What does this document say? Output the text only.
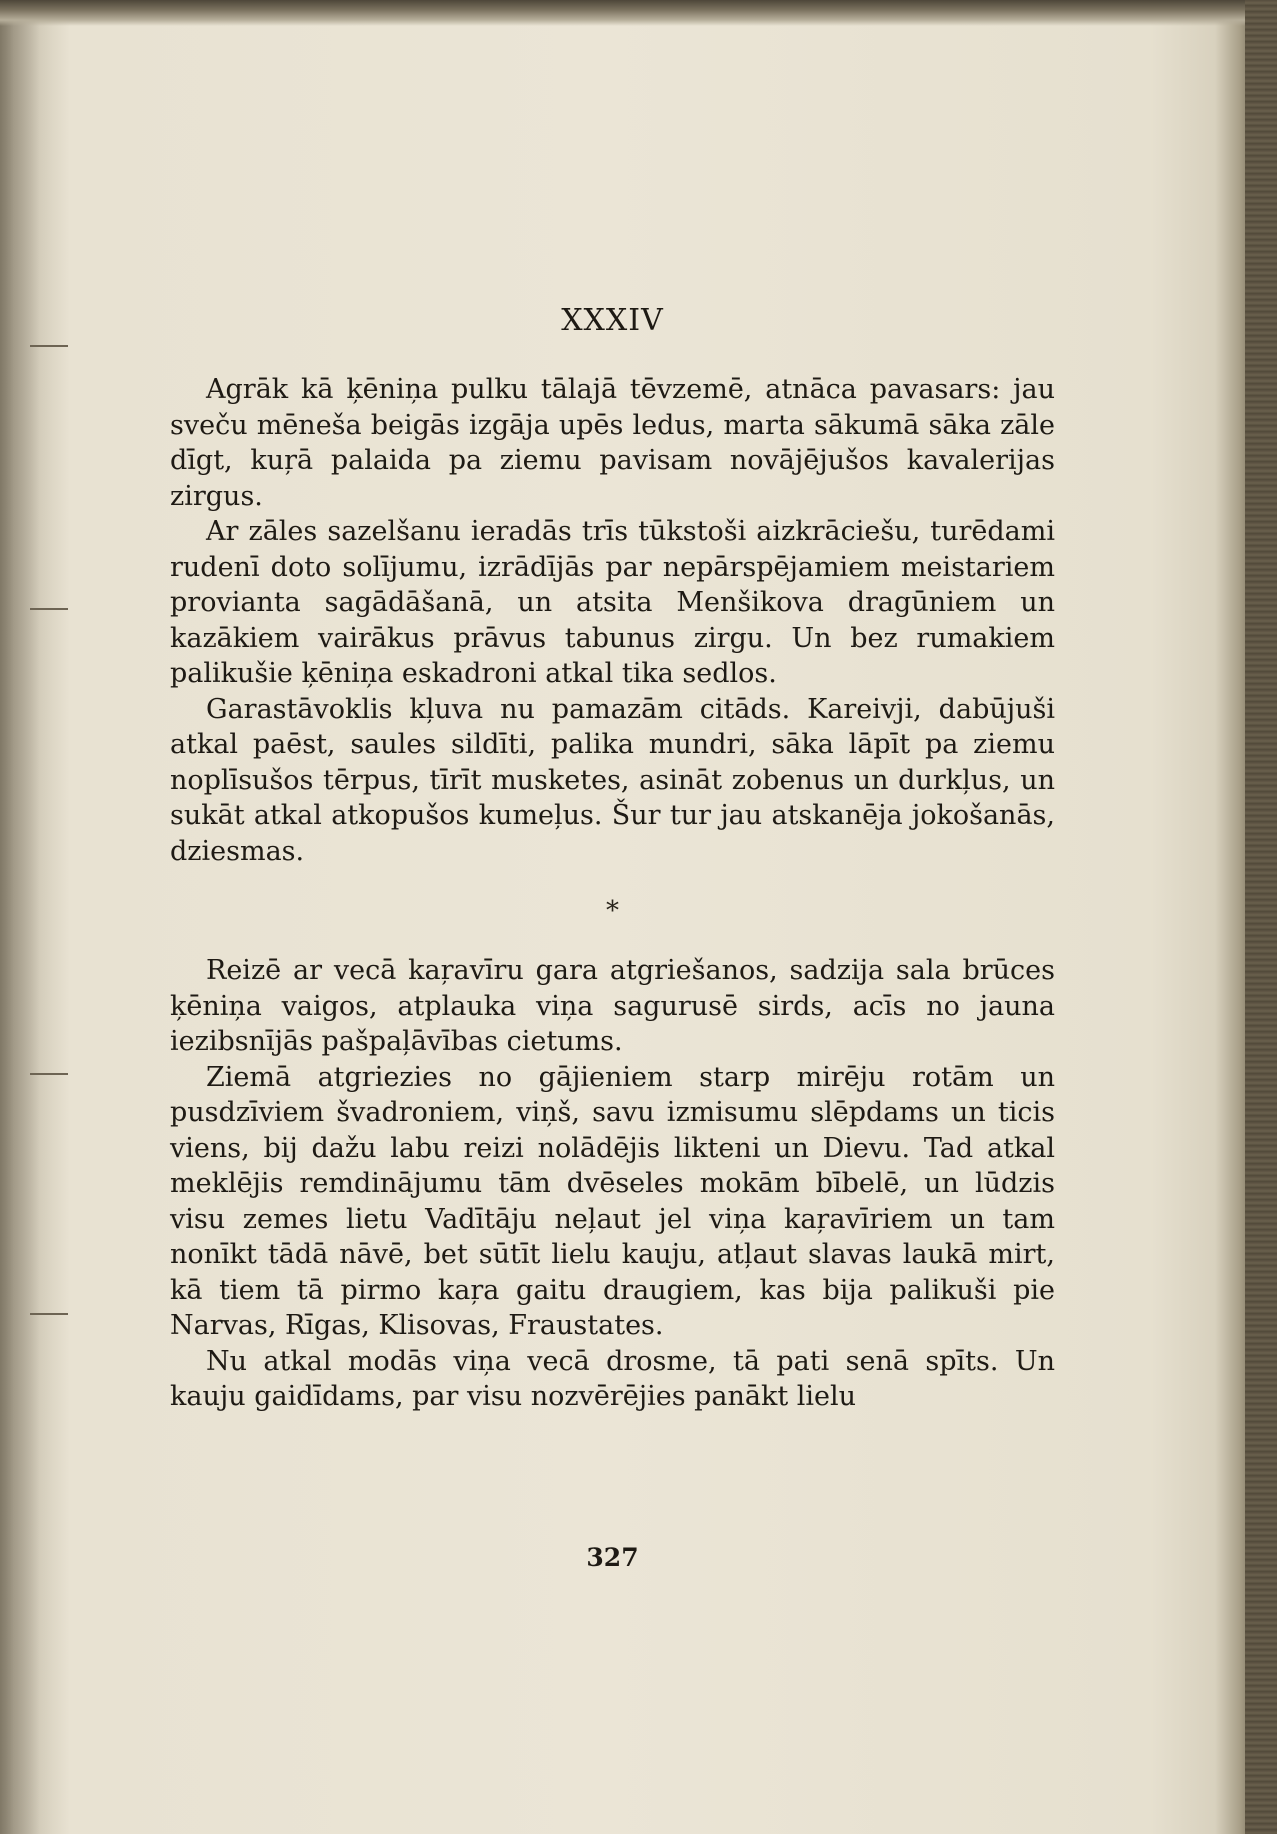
XXXIV

Agrāk kā ķēniņa pulku tālajā tēvzemē, atnāca pavasars: jau sveču mēneša beigās izgāja upēs ledus, marta sākumā sāka zāle dīgt, kuŗā palaida pa ziemu pavisam novājējušos kavalerijas zirgus.

Ar zāles sazelšanu ieradās trīs tūkstoši aizkrāciešu, turēdami rudenī doto solījumu, izrādījās par nepārspējamiem meistariem provianta sagādāšanā, un atsita Menšikova dragūniem un kazākiem vairākus prāvus tabunus zirgu. Un bez rumakiem palikušie ķēniņa eskadroni atkal tika sedlos.

Garastāvoklis kļuva nu pamazām citāds. Kareivji, dabūjuši atkal paēst, saules sildīti, palika mundri, sāka lāpīt pa ziemu noplīsušos tērpus, tīrīt musketes, asināt zobenus un durkļus, un sukāt atkal atkopušos kumeļus. Šur tur jau atskanēja jokošanās, dziesmas.

*

Reizē ar vecā kaŗavīru gara atgriešanos, sadzija sala brūces ķēniņa vaigos, atplauka viņa sagurusē sirds, acīs no jauna iezibsnījās pašpaļāvības cietums.

Ziemā atgriezies no gājieniem starp mirēju rotām un pusdzīviem švadroniem, viņš, savu izmisumu slēpdams un ticis viens, bij dažu labu reizi nolādējis likteni un Dievu. Tad atkal meklējis remdinājumu tām dvēseles mokām bībelē, un lūdzis visu zemes lietu Vadītāju neļaut jel viņa kaŗavīriem un tam nonīkt tādā nāvē, bet sūtīt lielu kauju, atļaut slavas laukā mirt, kā tiem tā pirmo kaŗa gaitu draugiem, kas bija palikuši pie Narvas, Rīgas, Klisovas, Fraustates.

Nu atkal modās viņa vecā drosme, tā pati senā spīts. Un kauju gaidīdams, par visu nozvērējies panākt lielu

327
